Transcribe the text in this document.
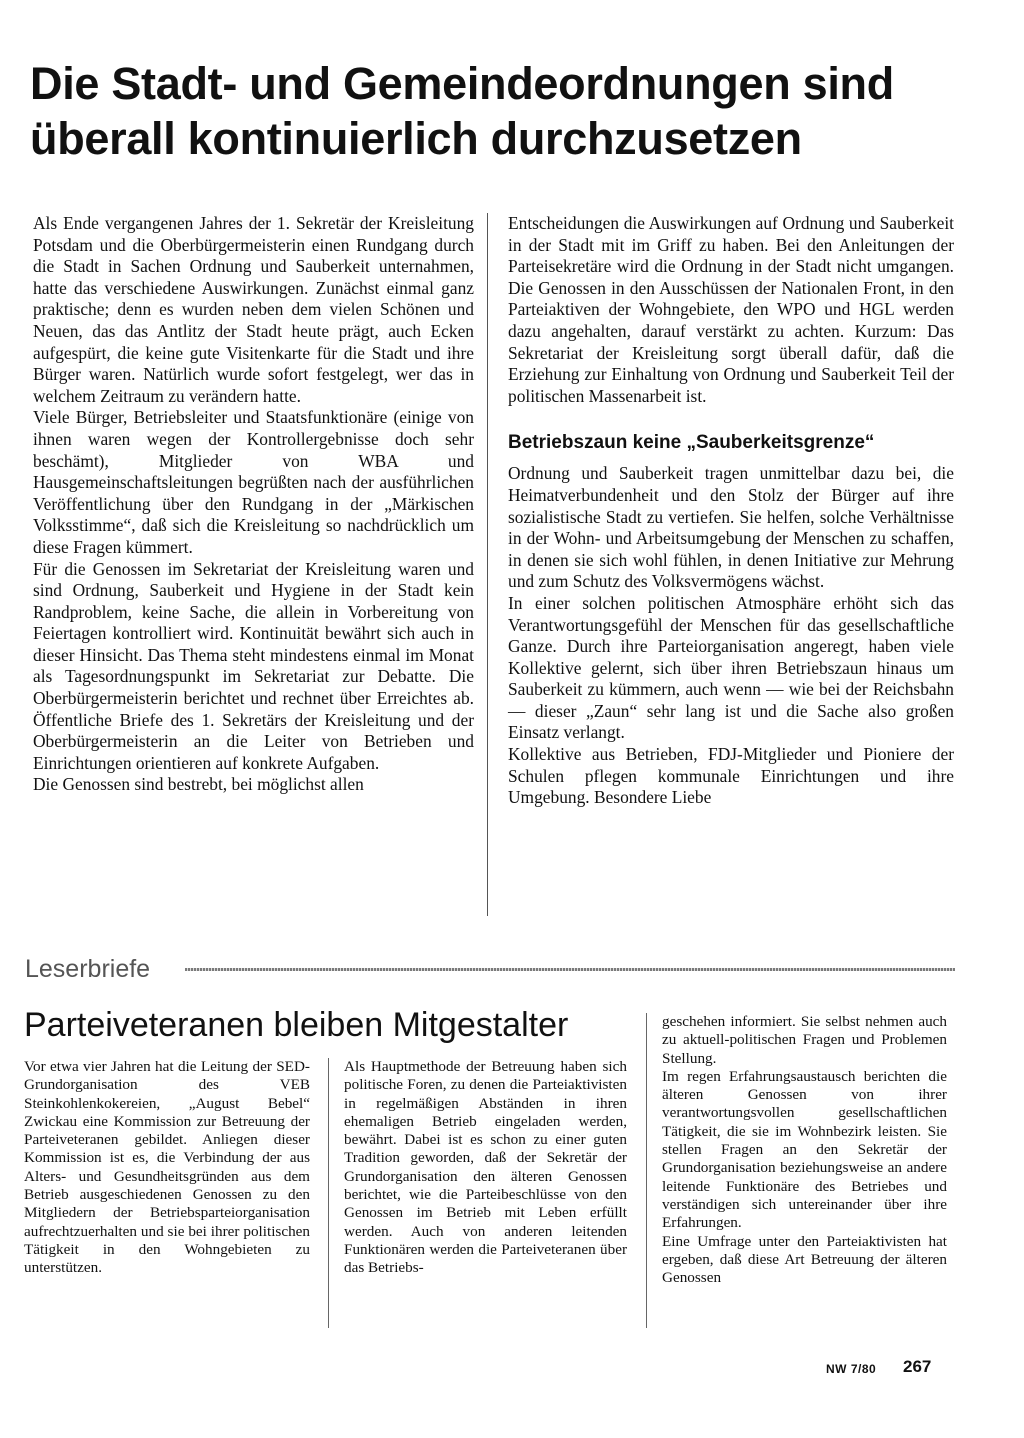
Die Stadt- und Gemeindeordnungen sind überall kontinuierlich durchzusetzen

Als Ende vergangenen Jahres der 1. Sekretär der Kreisleitung Potsdam und die Oberbürgermeisterin einen Rundgang durch die Stadt in Sachen Ordnung und Sauberkeit unternahmen, hatte das verschiedene Auswirkungen. Zunächst einmal ganz praktische; denn es wurden neben dem vielen Schönen und Neuen, das das Antlitz der Stadt heute prägt, auch Ecken aufgespürt, die keine gute Visitenkarte für die Stadt und ihre Bürger waren. Natürlich wurde sofort festgelegt, wer das in welchem Zeitraum zu verändern hatte.

Viele Bürger, Betriebsleiter und Staatsfunktionäre (einige von ihnen waren wegen der Kontrollergebnisse doch sehr beschämt), Mitglieder von WBA und Hausgemeinschaftsleitungen begrüßten nach der ausführlichen Veröffentlichung über den Rundgang in der „Märkischen Volksstimme“, daß sich die Kreisleitung so nachdrücklich um diese Fragen kümmert.

Für die Genossen im Sekretariat der Kreisleitung waren und sind Ordnung, Sauberkeit und Hygiene in der Stadt kein Randproblem, keine Sache, die allein in Vorbereitung von Feiertagen kontrolliert wird. Kontinuität bewährt sich auch in dieser Hinsicht. Das Thema steht mindestens einmal im Monat als Tagesordnungspunkt im Sekretariat zur Debatte. Die Oberbürgermeisterin berichtet und rechnet über Erreichtes ab. Öffentliche Briefe des 1. Sekretärs der Kreisleitung und der Oberbürgermeisterin an die Leiter von Betrieben und Einrichtungen orientieren auf konkrete Aufgaben.

Die Genossen sind bestrebt, bei möglichst allen

Entscheidungen die Auswirkungen auf Ordnung und Sauberkeit in der Stadt mit im Griff zu haben. Bei den Anleitungen der Parteisekretäre wird die Ordnung in der Stadt nicht umgangen. Die Genossen in den Ausschüssen der Nationalen Front, in den Parteiaktiven der Wohngebiete, den WPO und HGL werden dazu angehalten, darauf verstärkt zu achten. Kurzum: Das Sekretariat der Kreisleitung sorgt überall dafür, daß die Erziehung zur Einhaltung von Ordnung und Sauberkeit Teil der politischen Massenarbeit ist.

Betriebszaun keine „Sauberkeitsgrenze“

Ordnung und Sauberkeit tragen unmittelbar dazu bei, die Heimatverbundenheit und den Stolz der Bürger auf ihre sozialistische Stadt zu vertiefen. Sie helfen, solche Verhältnisse in der Wohn- und Arbeitsumgebung der Menschen zu schaffen, in denen sie sich wohl fühlen, in denen Initiative zur Mehrung und zum Schutz des Volksvermögens wächst.

In einer solchen politischen Atmosphäre erhöht sich das Verantwortungsgefühl der Menschen für das gesellschaftliche Ganze. Durch ihre Parteiorganisation angeregt, haben viele Kollektive gelernt, sich über ihren Betriebszaun hinaus um Sauberkeit zu kümmern, auch wenn — wie bei der Reichsbahn — dieser „Zaun“ sehr lang ist und die Sache also großen Einsatz verlangt.

Kollektive aus Betrieben, FDJ-Mitglieder und Pioniere der Schulen pflegen kommunale Einrichtungen und ihre Umgebung. Besondere Liebe

Leserbriefe
Parteiveteranen bleiben Mitgestalter

Vor etwa vier Jahren hat die Leitung der SED-Grundorganisation des VEB Steinkohlenkokereien, „August Bebel“ Zwickau eine Kommission zur Betreuung der Parteiveteranen gebildet. Anliegen dieser Kommission ist es, die Verbindung der aus Alters- und Gesundheitsgründen aus dem Betrieb ausgeschiedenen Genossen zu den Mitgliedern der Betriebsparteiorganisation aufrechtzuerhalten und sie bei ihrer politischen Tätigkeit in den Wohngebieten zu unterstützen.

Als Hauptmethode der Betreuung haben sich politische Foren, zu denen die Parteiaktivisten in regelmäßigen Abständen in ihren ehemaligen Betrieb eingeladen werden, bewährt. Dabei ist es schon zu einer guten Tradition geworden, daß der Sekretär der Grundorganisation den älteren Genossen berichtet, wie die Parteibeschlüsse von den Genossen im Betrieb mit Leben erfüllt werden. Auch von anderen leitenden Funktionären werden die Parteiveteranen über das Betriebs-

geschehen informiert. Sie selbst nehmen auch zu aktuell-politischen Fragen und Problemen Stellung.

Im regen Erfahrungsaustausch berichten die älteren Genossen von ihrer verantwortungsvollen gesellschaftlichen Tätigkeit, die sie im Wohnbezirk leisten. Sie stellen Fragen an den Sekretär der Grundorganisation beziehungsweise an andere leitende Funktionäre des Betriebes und verständigen sich untereinander über ihre Erfahrungen.

Eine Umfrage unter den Parteiaktivisten hat ergeben, daß diese Art Betreuung der älteren Genossen

NW 7/80 267
